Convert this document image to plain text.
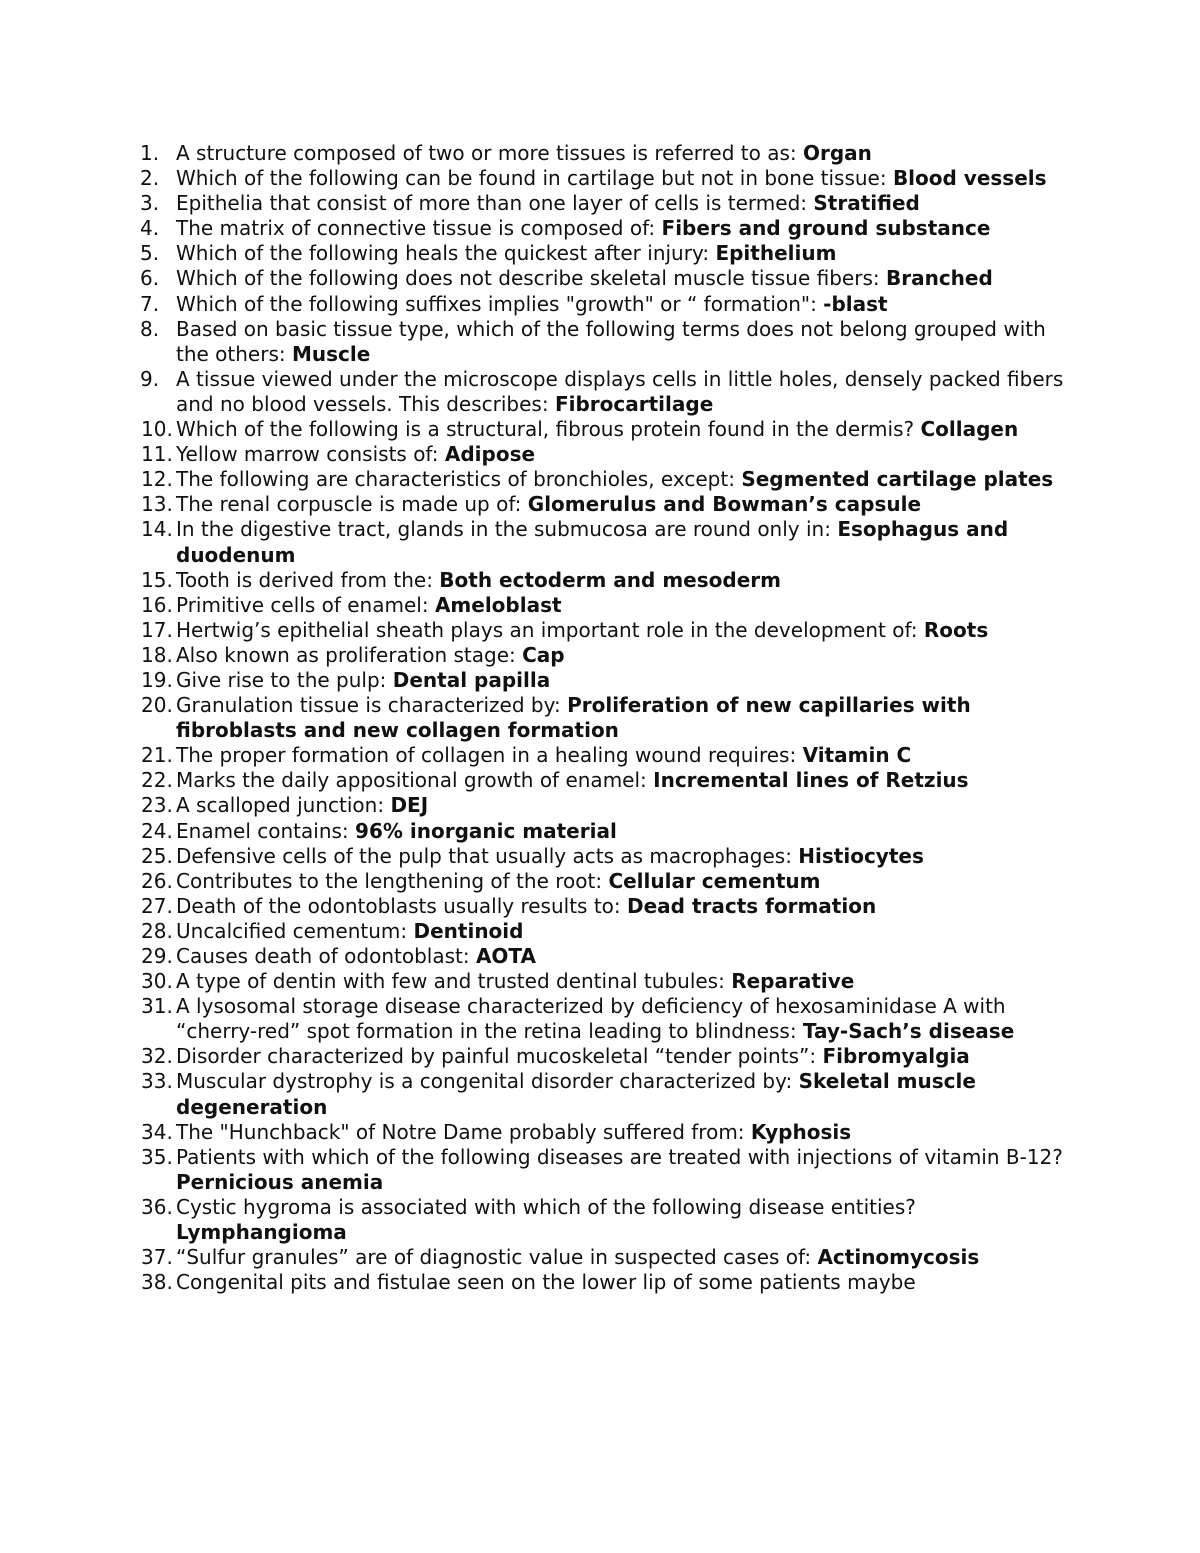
1. A structure composed of two or more tissues is referred to as: Organ
2. Which of the following can be found in cartilage but not in bone tissue: Blood vessels
3. Epithelia that consist of more than one layer of cells is termed: Stratified
4. The matrix of connective tissue is composed of: Fibers and ground substance
5. Which of the following heals the quickest after injury: Epithelium
6. Which of the following does not describe skeletal muscle tissue fibers: Branched
7. Which of the following suffixes implies "growth" or “ formation": -blast
8. Based on basic tissue type, which of the following terms does not belong grouped with the others: Muscle
9. A tissue viewed under the microscope displays cells in little holes, densely packed fibers and no blood vessels. This describes: Fibrocartilage
10. Which of the following is a structural, fibrous protein found in the dermis? Collagen
11. Yellow marrow consists of: Adipose
12. The following are characteristics of bronchioles, except: Segmented cartilage plates
13. The renal corpuscle is made up of: Glomerulus and Bowman’s capsule
14. In the digestive tract, glands in the submucosa are round only in: Esophagus and duodenum
15. Tooth is derived from the: Both ectoderm and mesoderm
16. Primitive cells of enamel: Ameloblast
17. Hertwig’s epithelial sheath plays an important role in the development of: Roots
18. Also known as proliferation stage: Cap
19. Give rise to the pulp: Dental papilla
20. Granulation tissue is characterized by: Proliferation of new capillaries with fibroblasts and new collagen formation
21. The proper formation of collagen in a healing wound requires: Vitamin C
22. Marks the daily appositional growth of enamel: Incremental lines of Retzius
23. A scalloped junction: DEJ
24. Enamel contains: 96% inorganic material
25. Defensive cells of the pulp that usually acts as macrophages: Histiocytes
26. Contributes to the lengthening of the root: Cellular cementum
27. Death of the odontoblasts usually results to: Dead tracts formation
28. Uncalcified cementum: Dentinoid
29. Causes death of odontoblast: AOTA
30. A type of dentin with few and trusted dentinal tubules: Reparative
31. A lysosomal storage disease characterized by deficiency of hexosaminidase A with “cherry-red” spot formation in the retina leading to blindness: Tay-Sach’s disease
32. Disorder characterized by painful mucoskeletal “tender points”: Fibromyalgia
33. Muscular dystrophy is a congenital disorder characterized by: Skeletal muscle degeneration
34. The "Hunchback" of Notre Dame probably suffered from: Kyphosis
35. Patients with which of the following diseases are treated with injections of vitamin B-12? Pernicious anemia
36. Cystic hygroma is associated with which of the following disease entities? Lymphangioma
37. “Sulfur granules” are of diagnostic value in suspected cases of: Actinomycosis
38. Congenital pits and fistulae seen on the lower lip of some patients maybe
